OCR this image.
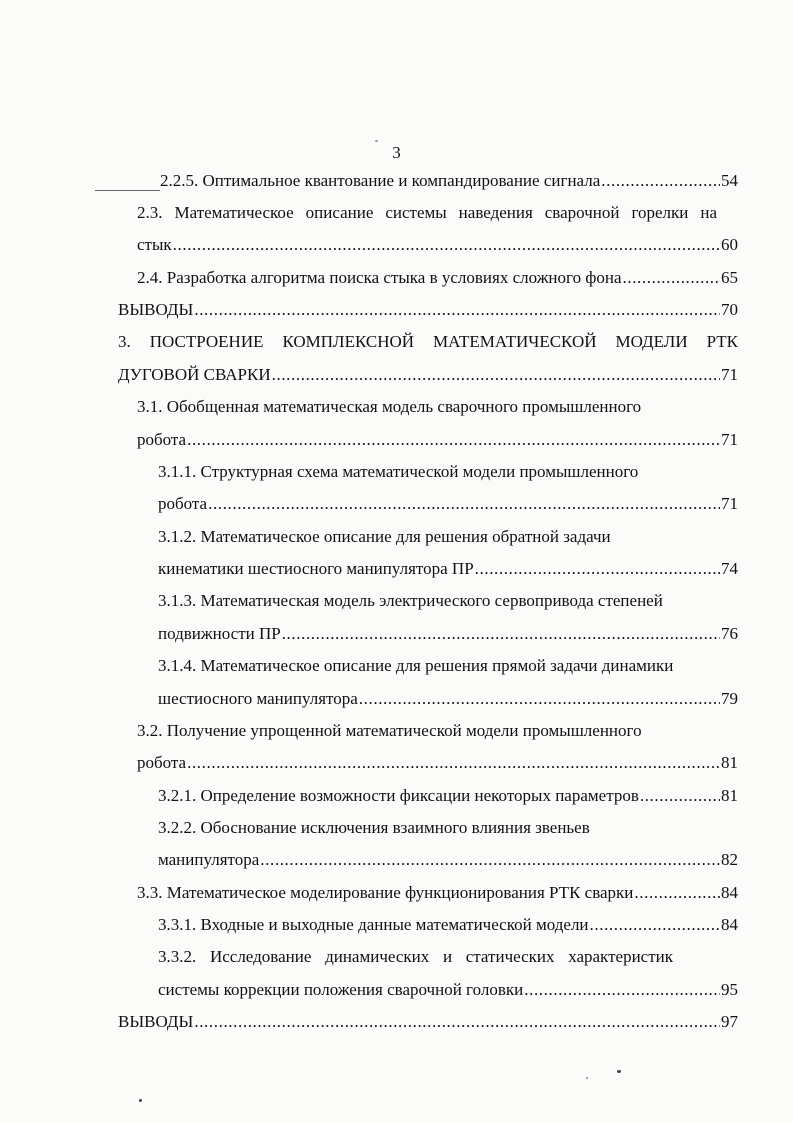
3
2.2.5. Оптимальное квантование и компандирование сигнала .....	54
2.3. Математическое описание системы наведения сварочной горелки на
стык .....	60
2.4. Разработка алгоритма поиска стыка в условиях сложного фона .....	65
ВЫВОДЫ .....	70
3. ПОСТРОЕНИЕ КОМПЛЕКСНОЙ МАТЕМАТИЧЕСКОЙ МОДЕЛИ РТК
ДУГОВОЙ СВАРКИ .....	71
3.1. Обобщенная математическая модель сварочного промышленного
робота .....	71
3.1.1. Структурная схема математической модели промышленного
робота .....	71
3.1.2. Математическое описание для решения обратной задачи
кинематики шестиосного манипулятора ПР .....	74
3.1.3. Математическая модель электрического сервопривода степеней
подвижности ПР .....	76
3.1.4. Математическое описание для решения прямой задачи динамики
шестиосного манипулятора .....	79
3.2. Получение упрощенной математической модели промышленного
робота .....	81
3.2.1. Определение возможности фиксации некоторых параметров .....	81
3.2.2. Обоснование исключения взаимного влияния звеньев
манипулятора .....	82
3.3. Математическое моделирование функционирования РТК сварки .....	84
3.3.1. Входные и выходные данные математической модели .....	84
3.3.2. Исследование динамических и статических характеристик
системы коррекции положения сварочной головки .....	95
ВЫВОДЫ .....	97
